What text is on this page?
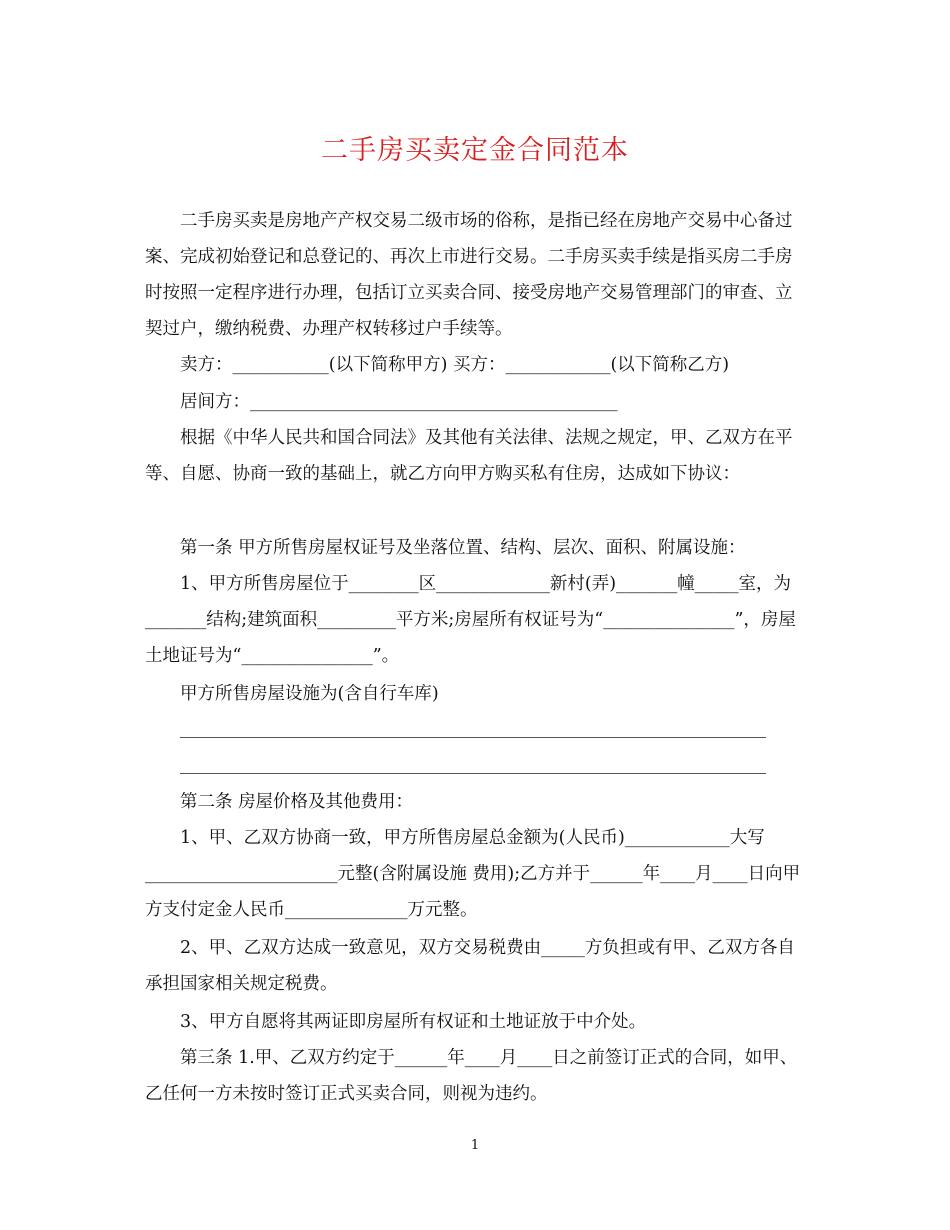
二手房买卖定金合同范本

二手房买卖是房地产产权交易二级市场的俗称，是指已经在房地产交易中心备过案、完成初始登记和总登记的、再次上市进行交易。二手房买卖手续是指买房二手房时按照一定程序进行办理，包括订立买卖合同、接受房地产交易管理部门的审查、立契过户，缴纳税费、办理产权转移过户手续等。

卖方：___________(以下简称甲方) 买方：____________(以下简称乙方)

居间方：__________________________________________

根据《中华人民共和国合同法》及其他有关法律、法规之规定，甲、乙双方在平等、自愿、协商一致的基础上，就乙方向甲方购买私有住房，达成如下协议：

第一条 甲方所售房屋权证号及坐落位置、结构、层次、面积、附属设施：

1、甲方所售房屋位于________区_____________新村(弄)_______幢_____室，为_______结构;建筑面积_________平方米;房屋所有权证号为“_______________”，房屋土地证号为“_______________”。

甲方所售房屋设施为(含自行车库)

第二条 房屋价格及其他费用：

1、甲、乙双方协商一致，甲方所售房屋总金额为(人民币)____________大写______________________元整(含附属设施 费用);乙方并于______年____月____日向甲方支付定金人民币______________万元整。

2、甲、乙双方达成一致意见，双方交易税费由_____方负担或有甲、乙双方各自承担国家相关规定税费。

3、甲方自愿将其两证即房屋所有权证和土地证放于中介处。

第三条 1.甲、乙双方约定于______年____月____日之前签订正式的合同，如甲、乙任何一方未按时签订正式买卖合同，则视为违约。

1
